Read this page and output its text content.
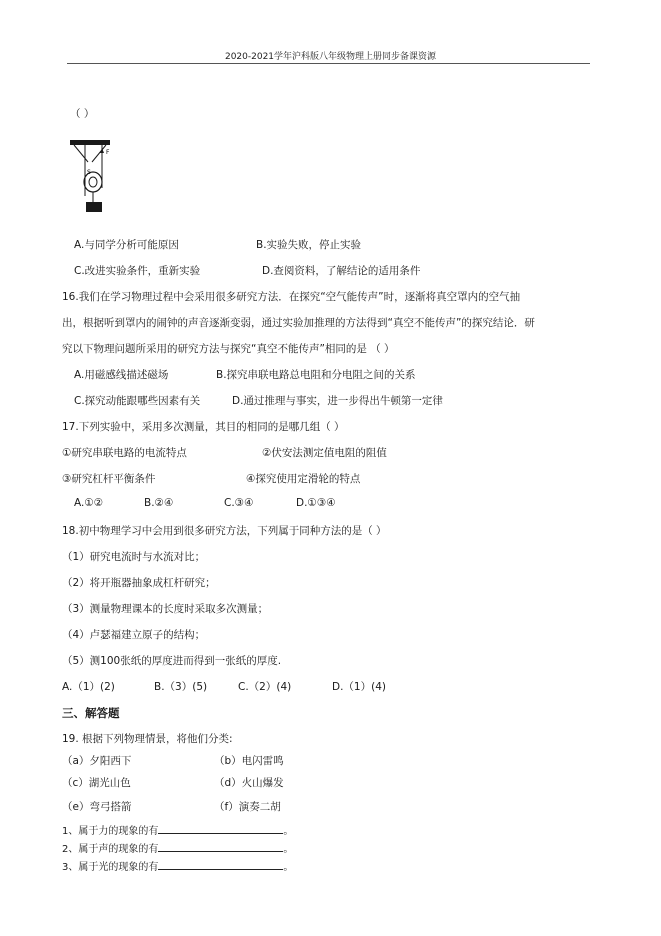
2020-2021学年沪科版八年级物理上册同步备课资源
（ ）
F
S
A.与同学分析可能原因	B.实验失败，停止实验
C.改进实验条件，重新实验	D.查阅资料，了解结论的适用条件
16.我们在学习物理过程中会采用很多研究方法．在探究“空气能传声”时，逐渐将真空罩内的空气抽
出，根据听到罩内的闹钟的声音逐渐变弱，通过实验加推理的方法得到“真空不能传声”的探究结论．研
究以下物理问题所采用的研究方法与探究“真空不能传声”相同的是 （ ）
A.用磁感线描述磁场	B.探究串联电路总电阻和分电阻之间的关系
C.探究动能跟哪些因素有关	D.通过推理与事实，进一步得出牛顿第一定律
17.下列实验中，采用多次测量，其目的相同的是哪几组（ ）
①研究串联电路的电流特点	②伏安法测定值电阻的阻值
③研究杠杆平衡条件	④探究使用定滑轮的特点
A.①②	B.②④	C.③④	D.①③④
18.初中物理学习中会用到很多研究方法，下列属于同种方法的是（ ）
（1）研究电流时与水流对比；
（2）将开瓶器抽象成杠杆研究；
（3）测量物理课本的长度时采取多次测量；
（4）卢瑟福建立原子的结构；
（5）测100张纸的厚度进而得到一张纸的厚度.
A.（1）(2)	B.（3）(5)	C.（2）(4)	D.（1）(4)
三、解答题
19. 根据下列物理情景，将他们分类:
（a）夕阳西下	（b）电闪雷鸣
（c）湖光山色	（d）火山爆发
（e）弯弓搭箭	（f）演奏二胡
1、属于力的现象的有	。
2、属于声的现象的有	。
3、属于光的现象的有	。
